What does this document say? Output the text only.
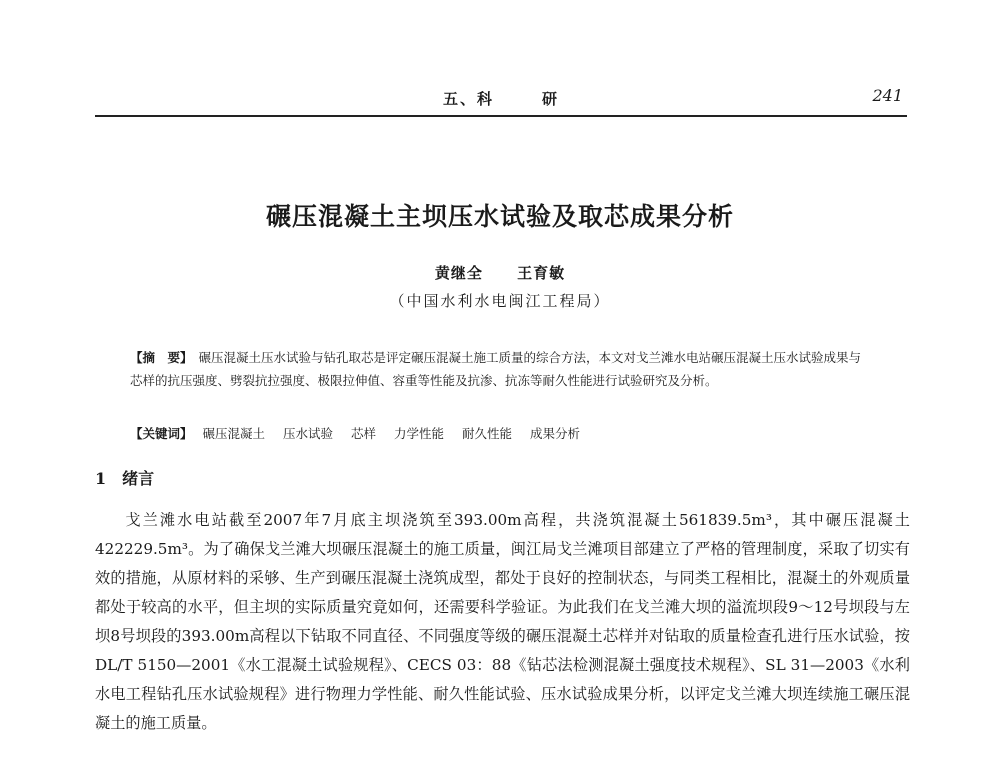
五、科	研	241
碾压混凝土主坝压水试验及取芯成果分析
黄继全 王育敏
（中国水利水电闽江工程局）
【摘　要】 碾压混凝土压水试验与钻孔取芯是评定碾压混凝土施工质量的综合方法，本文对戈兰滩水电站碾压混凝土压水试验成果与芯样的抗压强度、劈裂抗拉强度、极限拉伸值、容重等性能及抗渗、抗冻等耐久性能进行试验研究及分析。
【关键词】 碾压混凝土 压水试验 芯样 力学性能 耐久性能 成果分析
1 绪言

戈兰滩水电站截至2007年7月底主坝浇筑至393.00m高程，共浇筑混凝土561839.5m³，其中碾压混凝土422229.5m³。为了确保戈兰滩大坝碾压混凝土的施工质量，闽江局戈兰滩项目部建立了严格的管理制度，采取了切实有效的措施，从原材料的采够、生产到碾压混凝土浇筑成型，都处于良好的控制状态，与同类工程相比，混凝土的外观质量都处于较高的水平，但主坝的实际质量究竟如何，还需要科学验证。为此我们在戈兰滩大坝的溢流坝段9～12号坝段与左坝8号坝段的393.00m高程以下钻取不同直径、不同强度等级的碾压混凝土芯样并对钻取的质量检查孔进行压水试验，按DL/T 5150—2001《水工混凝土试验规程》、CECS 03：88《钻芯法检测混凝土强度技术规程》、SL 31—2003《水利水电工程钻孔压水试验规程》进行物理力学性能、耐久性能试验、压水试验成果分析，以评定戈兰滩大坝连续施工碾压混凝土的施工质量。
